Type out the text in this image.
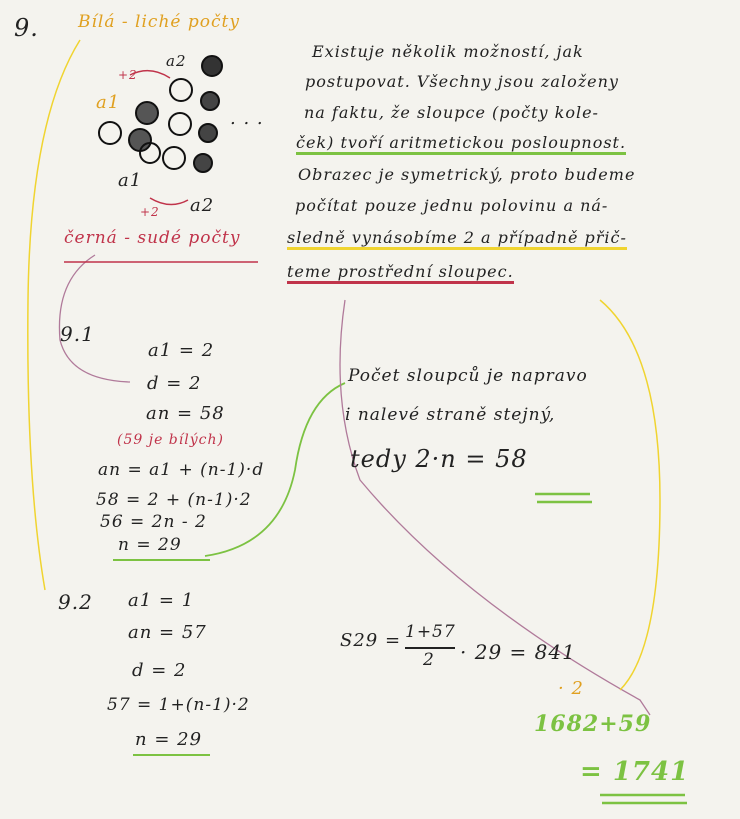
9. Bílá - liché počty
a2
+2
a1
. . .
a1
+2 a2
černá - sudé počty
Existuje několik možností, jak
postupovat. Všechny jsou založeny
na faktu, že sloupce (počty kole-
ček) tvoří aritmetickou posloupnost.
Obrazec je symetrický, proto budeme
počítat pouze jednu polovinu a ná-
sledně vynásobíme 2 a případně přič-
teme prostřední sloupec.
9.1
a1 = 2
d = 2
an = 58
(59 je bílých)
an = a1 + (n-1)·d
58 = 2 + (n-1)·2
56 = 2n - 2
n = 29
Počet sloupců je napravo
i nalevé straně stejný,
tedy 2·n = 58
9.2 a1 = 1
an = 57
d = 2
57 = 1+(n-1)·2
n = 29
S29 = 1+57
2 · 29 = 841
· 2
1682+59
= 1741
